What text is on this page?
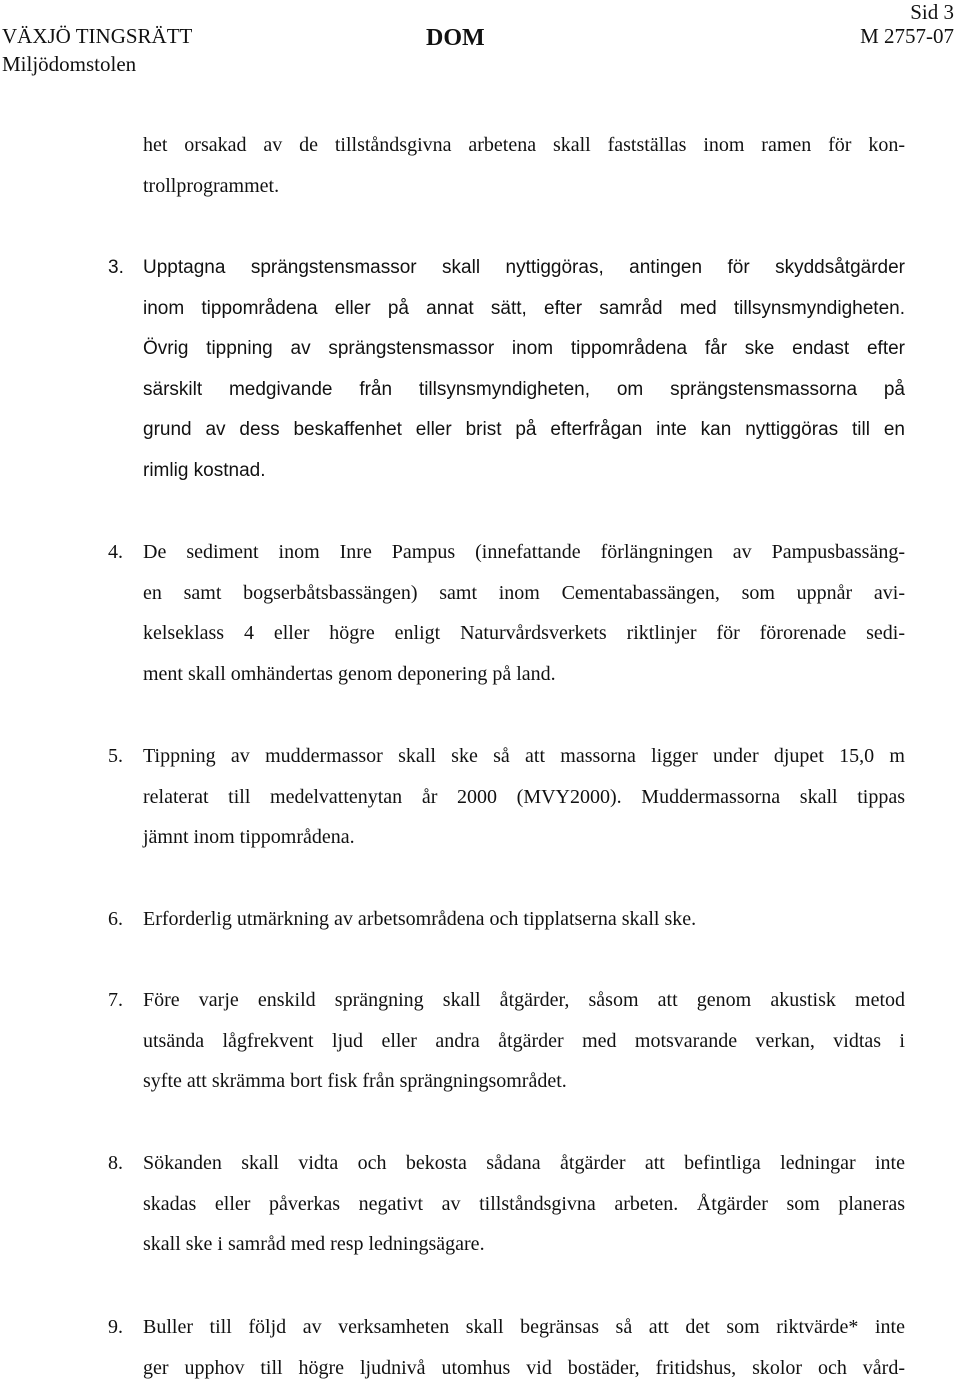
VÄXJÖ TINGSRÄTT
Miljödomstolen
DOM
Sid 3
M 2757-07
het orsakad av de tillståndsgivna arbetena skall fastställas inom ramen för kon-
trollprogrammet.
3. Upptagna sprängstensmassor skall nyttiggöras, antingen för skyddsåtgärder
inom tippområdena eller på annat sätt, efter samråd med tillsynsmyndigheten.
Övrig tippning av sprängstensmassor inom tippområdena får ske endast efter
särskilt medgivande från tillsynsmyndigheten, om sprängstensmassorna på
grund av dess beskaffenhet eller brist på efterfrågan inte kan nyttiggöras till en
rimlig kostnad.
4. De sediment inom Inre Pampus (innefattande förlängningen av Pampusbassäng-
en samt bogserbåtsbassängen) samt inom Cementabassängen, som uppnår avi-
kelseklass 4 eller högre enligt Naturvårdsverkets riktlinjer för förorenade sedi-
ment skall omhändertas genom deponering på land.
5. Tippning av muddermassor skall ske så att massorna ligger under djupet 15,0 m
relaterat till medelvattenytan år 2000 (MVY2000). Muddermassorna skall tippas
jämnt inom tippområdena.
6. Erforderlig utmärkning av arbetsområdena och tipplatserna skall ske.
7. Före varje enskild sprängning skall åtgärder, såsom att genom akustisk metod
utsända lågfrekvent ljud eller andra åtgärder med motsvarande verkan, vidtas i
syfte att skrämma bort fisk från sprängningsområdet.
8. Sökanden skall vidta och bekosta sådana åtgärder att befintliga ledningar inte
skadas eller påverkas negativt av tillståndsgivna arbeten. Åtgärder som planeras
skall ske i samråd med resp ledningsägare.
9. Buller till följd av verksamheten skall begränsas så att det som riktvärde* inte
ger upphov till högre ljudnivå utomhus vid bostäder, fritidshus, skolor och vård-
